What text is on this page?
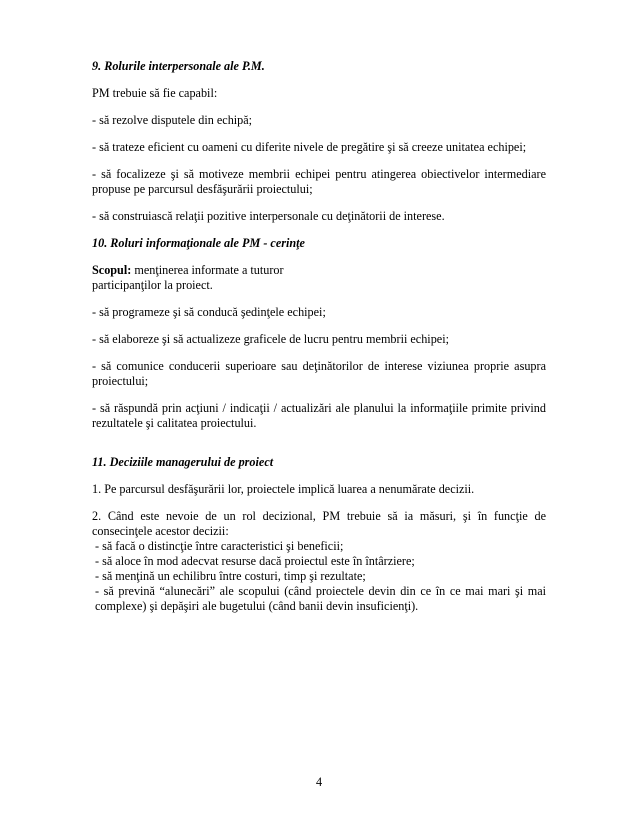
9. Rolurile interpersonale ale P.M.

PM trebuie să fie capabil:

- să rezolve disputele din echipă;

- să trateze eficient cu oameni cu diferite nivele de pregătire şi să creeze unitatea echipei;

- să focalizeze şi să motiveze membrii echipei pentru atingerea obiectivelor intermediare propuse pe parcursul desfăşurării proiectului;

- să construiască relaţii pozitive interpersonale cu deţinătorii de interese.

10. Roluri informaţionale ale PM - cerinţe

Scopul: menţinerea informate a tuturor
participanţilor la proiect.

- să programeze şi să conducă şedinţele echipei;

- să elaboreze şi să actualizeze graficele de lucru pentru membrii echipei;

- să comunice conducerii superioare sau deţinătorilor de interese viziunea proprie asupra proiectului;

- să răspundă prin acţiuni / indicaţii / actualizări ale planului la informaţiile primite privind rezultatele şi calitatea proiectului.

11. Deciziile managerului de proiect

1. Pe parcursul desfăşurării lor, proiectele implică luarea a nenumărate decizii.

2. Când este nevoie de un rol decizional, PM trebuie să ia măsuri, şi în funcţie de consecinţele acestor decizii:

- să facă o distincţie între caracteristici şi beneficii;

- să aloce în mod adecvat resurse dacă proiectul este în întârziere;

- să menţină un echilibru între costuri, timp şi rezultate;

- să prevină “alunecări” ale scopului (când proiectele devin din ce în ce mai mari şi mai complexe) şi depăşiri ale bugetului (când banii devin insuficienţi).

4
